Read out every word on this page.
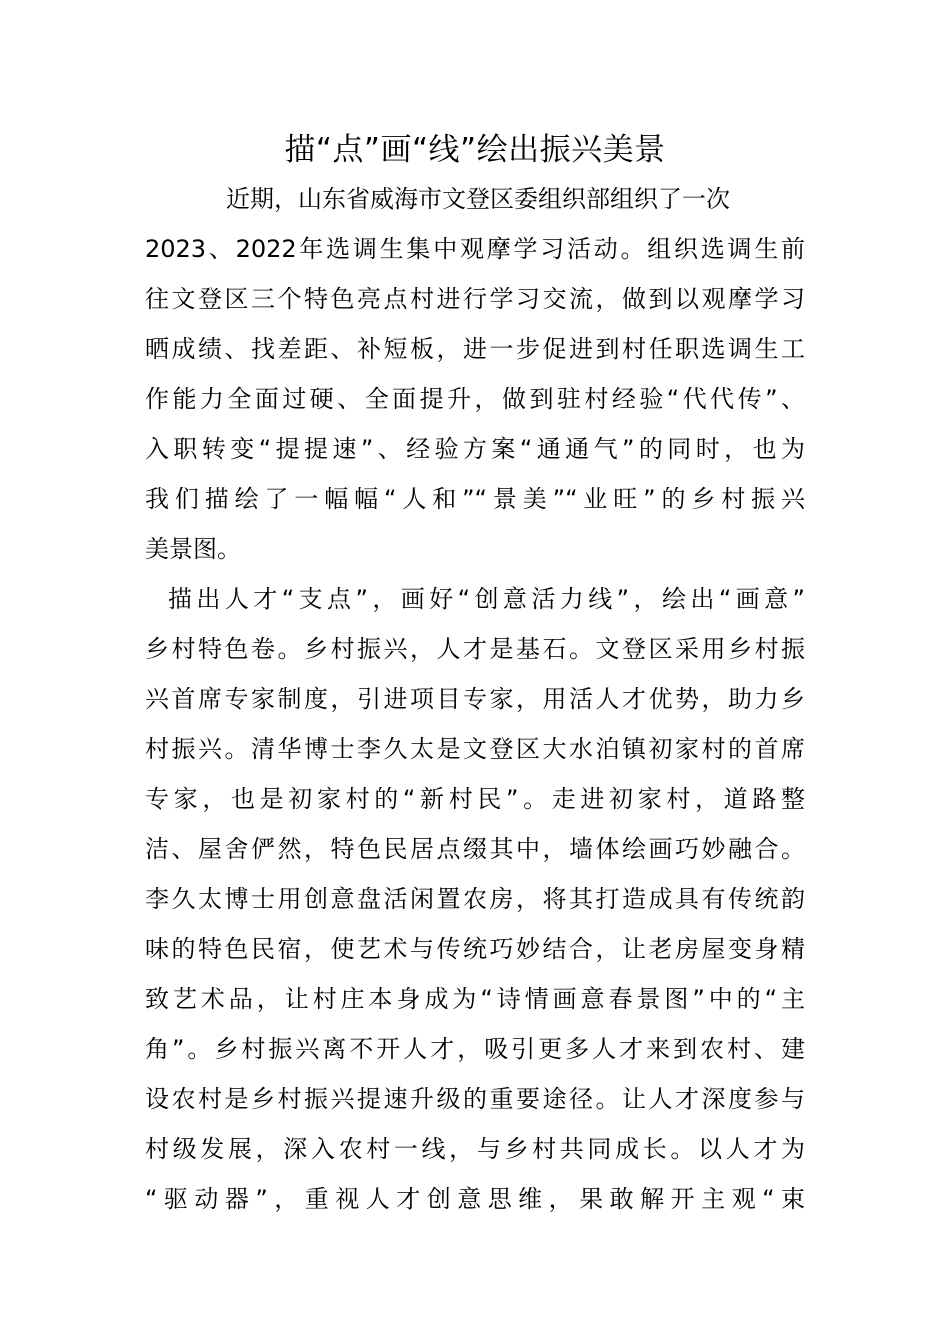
描“点”画“线”绘出振兴美景
近期，山东省威海市文登区委组织部组织了一次
2023、2022年选调生集中观摩学习活动。组织选调生前
往文登区三个特色亮点村进行学习交流，做到以观摩学习
晒成绩、找差距、补短板，进一步促进到村任职选调生工
作能力全面过硬、全面提升，做到驻村经验“代代传”、
入职转变“提提速”、经验方案“通通气”的同时，也为
我们描绘了一幅幅“人和”“景美”“业旺”的乡村振兴
美景图。
描出人才“支点”，画好“创意活力线”，绘出“画意”
乡村特色卷。乡村振兴，人才是基石。文登区采用乡村振
兴首席专家制度，引进项目专家，用活人才优势，助力乡
村振兴。清华博士李久太是文登区大水泊镇初家村的首席
专家，也是初家村的“新村民”。走进初家村，道路整
洁、屋舍俨然，特色民居点缀其中，墙体绘画巧妙融合。
李久太博士用创意盘活闲置农房，将其打造成具有传统韵
味的特色民宿，使艺术与传统巧妙结合，让老房屋变身精
致艺术品，让村庄本身成为“诗情画意春景图”中的“主
角”。乡村振兴离不开人才，吸引更多人才来到农村、建
设农村是乡村振兴提速升级的重要途径。让人才深度参与
村级发展，深入农村一线，与乡村共同成长。以人才为
“驱动器”，重视人才创意思维，果敢解开主观“束
